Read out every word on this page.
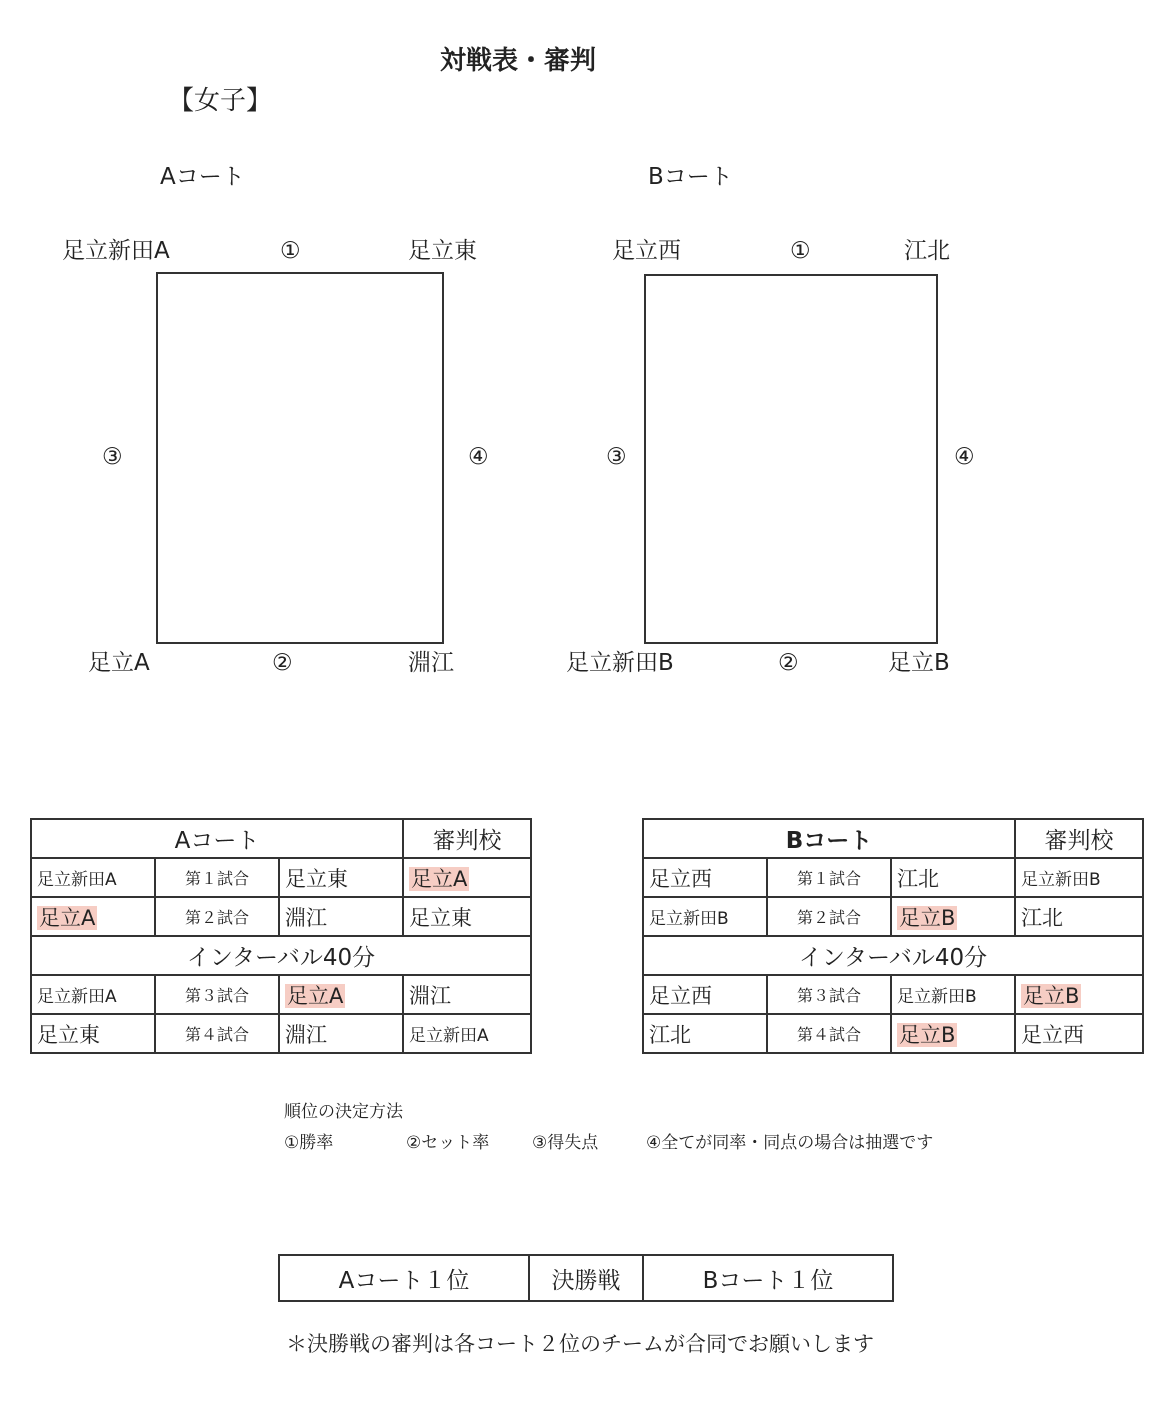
対戦表・審判
【女子】
Aコート
足立新田A	①	足立東
③	④
足立A	②	淵江
Bコート
足立西	①	江北
③	④
足立新田B	②	足立B
Aコート			審判校
足立新田A	第１試合	足立東	足立A
足立A	第２試合	淵江	足立東
インターバル40分			
足立新田A	第３試合	足立A	淵江
足立東	第４試合	淵江	足立新田A
Bコート			審判校
足立西	第１試合	江北	足立新田B
足立新田B	第２試合	足立B	江北
インターバル40分			
足立西	第３試合	足立新田B	足立B
江北	第４試合	足立B	足立西
順位の決定方法
①勝率	②セット率	③得失点	④全てが同率・同点の場合は抽選です
Aコート１位	決勝戦	Bコート１位
＊決勝戦の審判は各コート２位のチームが合同でお願いします
